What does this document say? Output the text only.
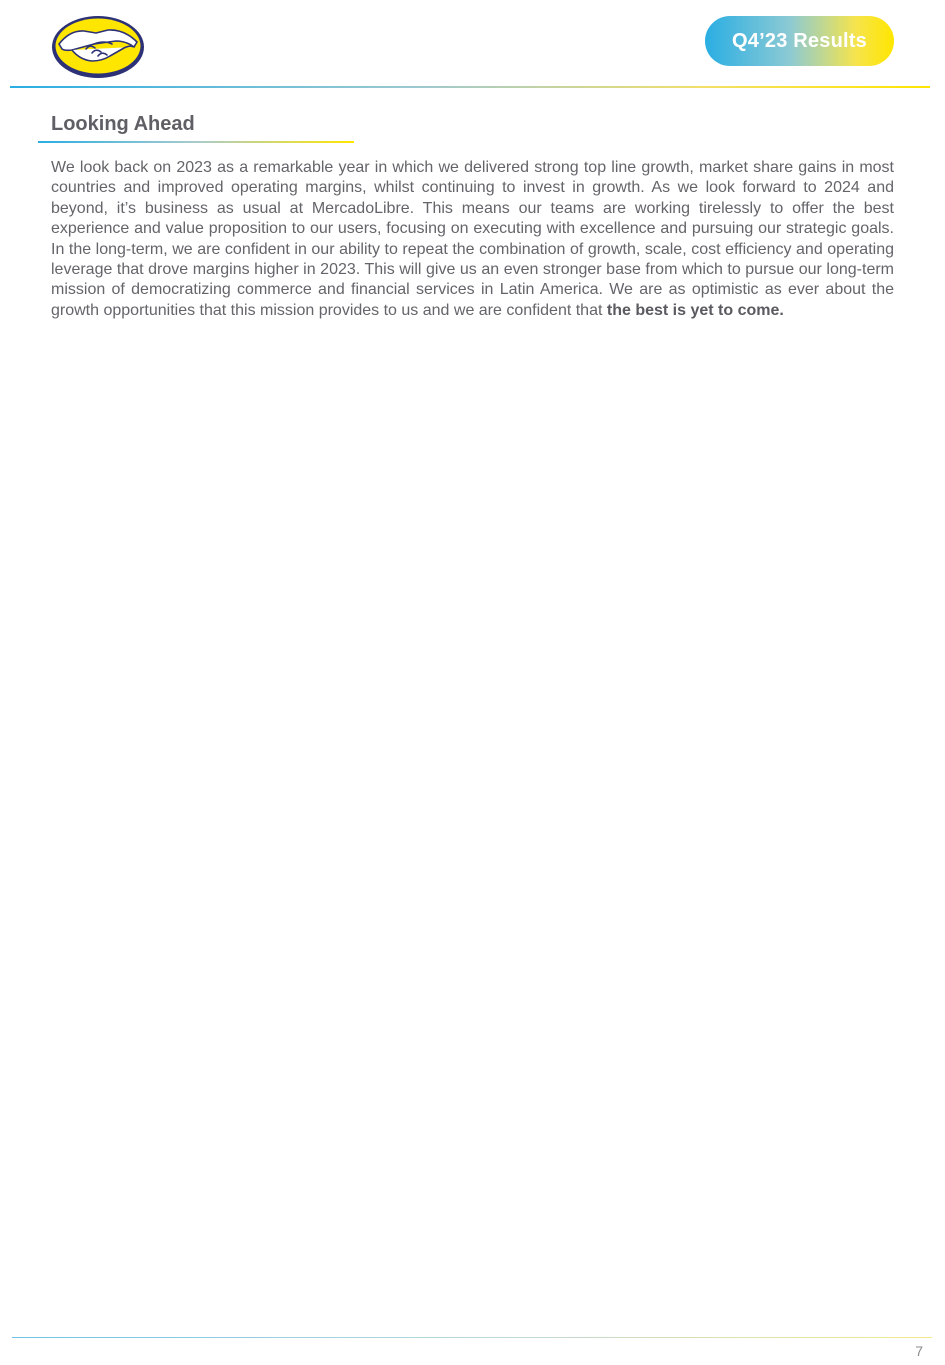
Q4’23 Results
Looking Ahead

We look back on 2023 as a remarkable year in which we delivered strong top line growth, market share gains in most countries and improved operating margins, whilst continuing to invest in growth. As we look forward to 2024 and beyond, it’s business as usual at MercadoLibre. This means our teams are working tirelessly to offer the best experience and value proposition to our users, focusing on executing with excellence and pursuing our strategic goals. In the long-term, we are confident in our ability to repeat the combination of growth, scale, cost efficiency and operating leverage that drove margins higher in 2023. This will give us an even stronger base from which to pursue our long-term mission of democratizing commerce and financial services in Latin America. We are as optimistic as ever about the growth opportunities that this mission provides to us and we are confident that the best is yet to come.

7
